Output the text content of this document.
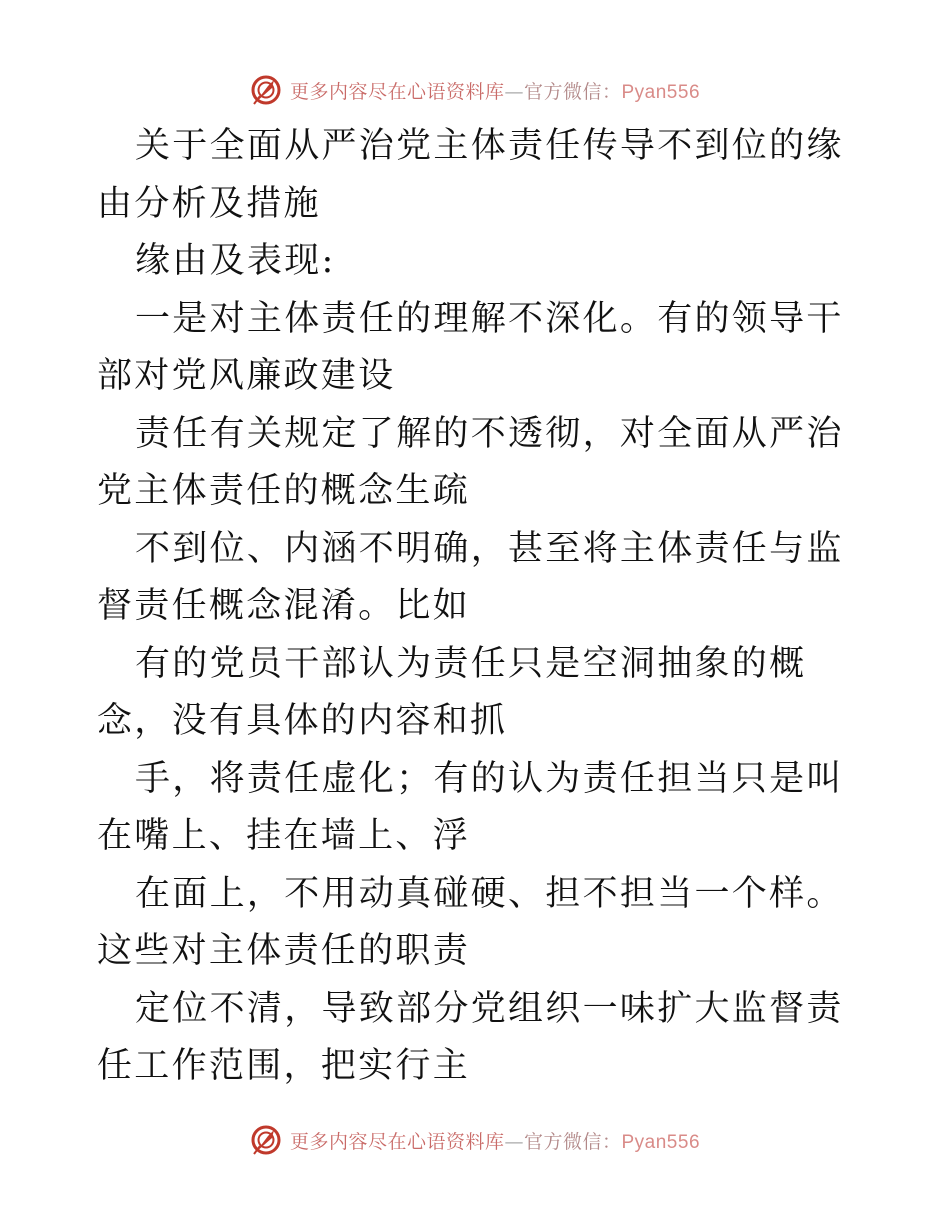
更多内容尽在心语资料库—官方微信：Pyan556

关于全面从严治党主体责任传导不到位的缘由分析及措施

缘由及表现:

一是对主体责任的理解不深化。有的领导干部对党风廉政建设

责任有关规定了解的不透彻，对全面从严治党主体责任的概念生疏

不到位、内涵不明确，甚至将主体责任与监督责任概念混淆。比如

有的党员干部认为责任只是空洞抽象的概念，没有具体的内容和抓

手，将责任虚化；有的认为责任担当只是叫在嘴上、挂在墙上、浮

在面上，不用动真碰硬、担不担当一个样。这些对主体责任的职责

定位不清，导致部分党组织一味扩大监督责任工作范围，把实行主

更多内容尽在心语资料库—官方微信：Pyan556
